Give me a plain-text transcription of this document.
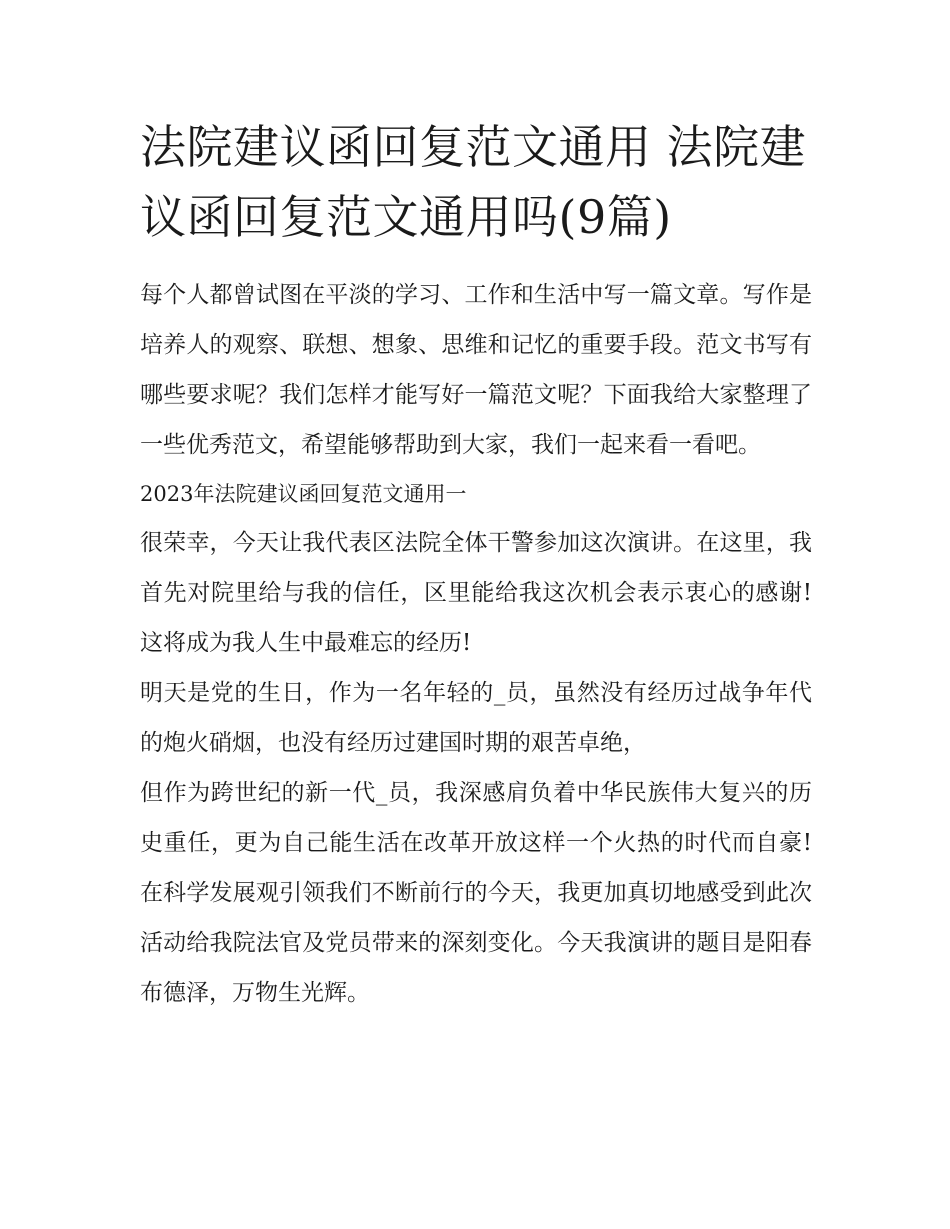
法院建议函回复范文通用 法院建议函回复范文通用吗(9篇)

每个人都曾试图在平淡的学习、工作和生活中写一篇文章。写作是培养人的观察、联想、想象、思维和记忆的重要手段。范文书写有哪些要求呢？我们怎样才能写好一篇范文呢？下面我给大家整理了一些优秀范文，希望能够帮助到大家，我们一起来看一看吧。

2023年法院建议函回复范文通用一

很荣幸，今天让我代表区法院全体干警参加这次演讲。在这里，我首先对院里给与我的信任，区里能给我这次机会表示衷心的感谢!这将成为我人生中最难忘的经历!

明天是党的生日，作为一名年轻的_员，虽然没有经历过战争年代的炮火硝烟，也没有经历过建国时期的艰苦卓绝，

但作为跨世纪的新一代_员，我深感肩负着中华民族伟大复兴的历史重任，更为自己能生活在改革开放这样一个火热的时代而自豪!在科学发展观引领我们不断前行的今天，我更加真切地感受到此次活动给我院法官及党员带来的深刻变化。今天我演讲的题目是阳春布德泽，万物生光辉。
